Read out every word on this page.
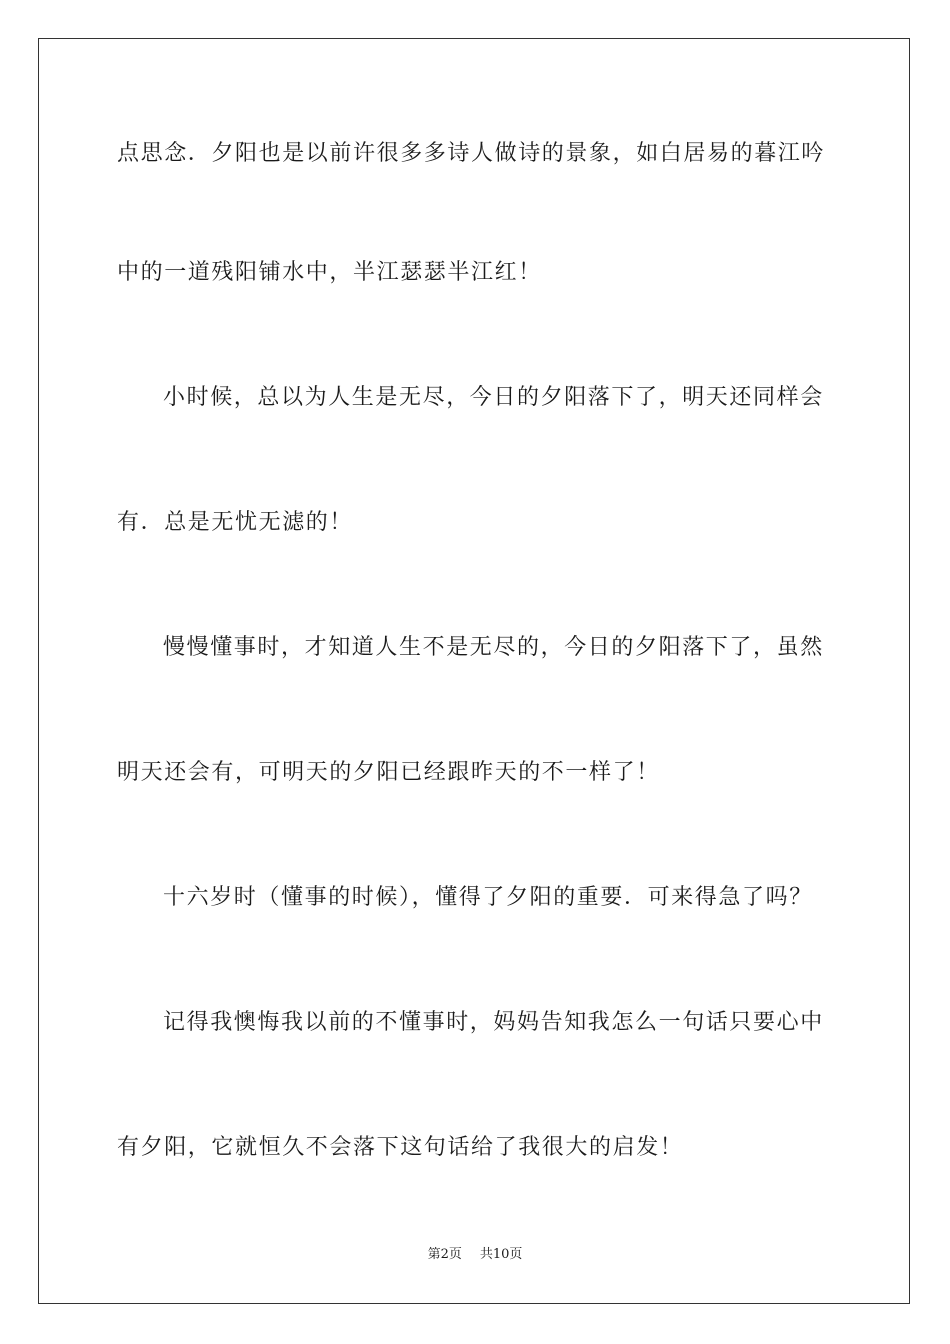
点思念．夕阳也是以前许很多多诗人做诗的景象，如白居易的暮江吟
中的一道残阳铺水中，半江瑟瑟半江红！
小时候，总以为人生是无尽，今日的夕阳落下了，明天还同样会
有．总是无忧无滤的！
慢慢懂事时，才知道人生不是无尽的，今日的夕阳落下了，虽然
明天还会有，可明天的夕阳已经跟昨天的不一样了！
十六岁时（懂事的时候），懂得了夕阳的重要．可来得急了吗？
记得我懊悔我以前的不懂事时，妈妈告知我怎么一句话只要心中
有夕阳，它就恒久不会落下这句话给了我很大的启发！
第2页 共10页
